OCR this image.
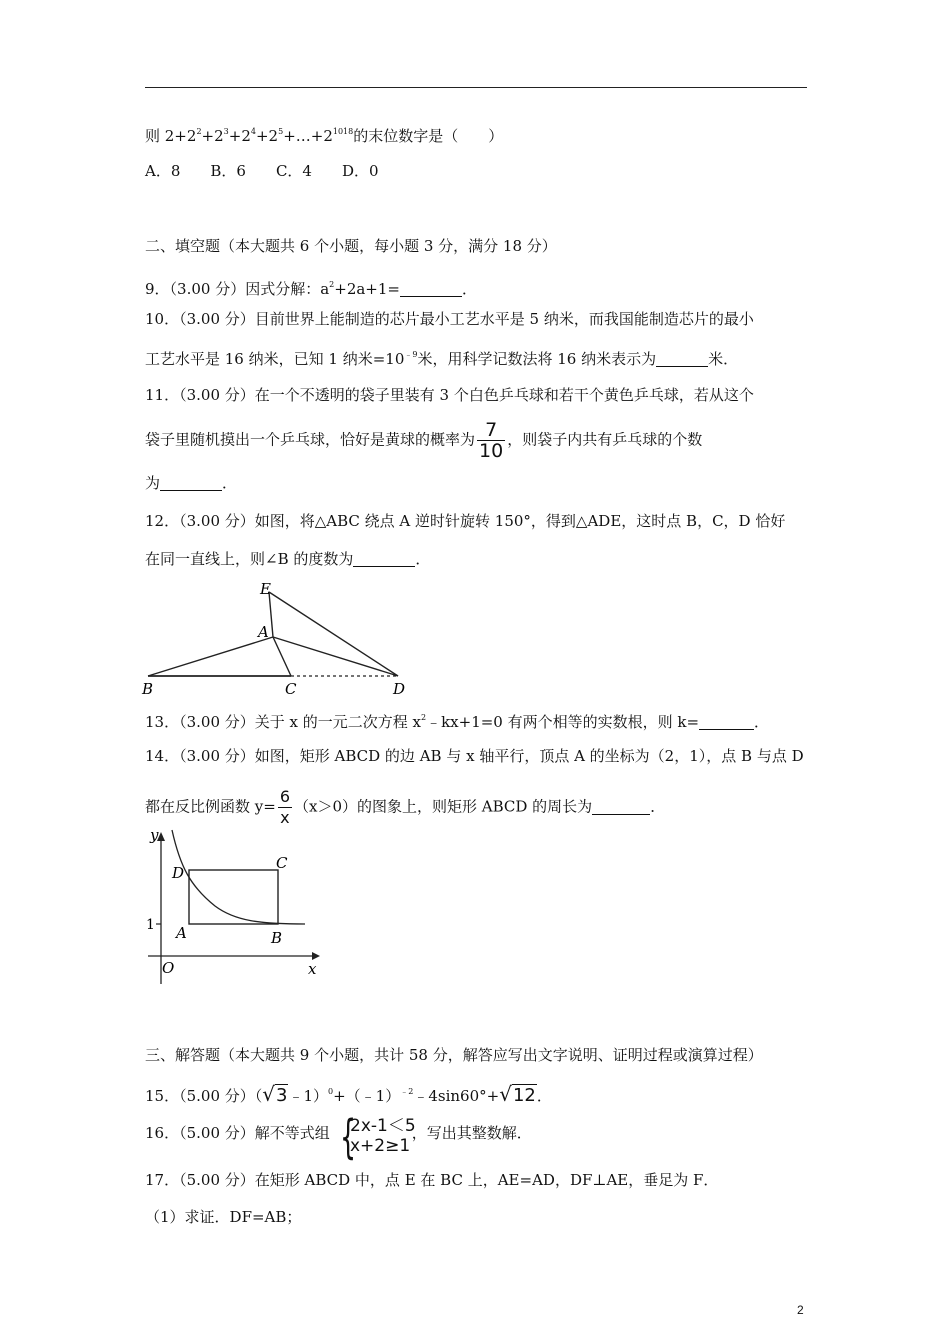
则 $2+2^2+2^3+2^4+2^5+\dots+2^{1018}$的末位数字是（　　）
A．8　　B．6　　C．4　　D．0
二、填空题（本大题共 6 个小题，每小题 3 分，满分 18 分）
9．（3.00 分）因式分解：$a^2+2a+1=$	．
10．（3.00 分）目前世界上能制造的芯片最小工艺水平是 5 纳米，而我国能制造芯片的最小
工艺水平是 16 纳米，已知 1 纳米$=10^{﹣9}$米，用科学记数法将 16 纳米表示为	米．
11．（3.00 分）在一个不透明的袋子里装有 3 个白色乒乓球和若干个黄色乒乓球，若从这个
袋子里随机摸出一个乒乓球，恰好是黄球的概率为 $\frac{7}{10}$ ，则袋子内共有乒乓球的个数
为	．
12．（3.00 分）如图，将△ABC 绕点 A 逆时针旋转 150°，得到△ADE，这时点 B，C，D 恰好
在同一直线上，则∠B 的度数为	．
E
A
B	C	D
13．（3.00 分）关于 x 的一元二次方程 $x^2﹣kx+1=0$ 有两个相等的实数根，则 k=	．
14．（3.00 分）如图，矩形 ABCD 的边 AB 与 x 轴平行，顶点 A 的坐标为（2，1），点 B 与点 D
都在反比例函数 $y= \frac{6}{x} (x>0)$的图象上，则矩形 ABCD 的周长为	．
y
x
O
1 A	B
C
D
三、解答题（本大题共 9 个小题，共计 58 分，解答应写出文字说明、证明过程或演算过程）
15．（5.00 分）（√3﹣1）$^0$+（﹣1）$^{﹣2}$﹣4sin60°+√12．
16．（5.00 分）解不等式组	，写出其整数解．
{
2x-1＜5
x+2≥1
17．（5.00 分）在矩形 ABCD 中，点 E 在 BC 上，AE=AD，DF⊥AE，垂足为 F．
（1）求证．DF=AB；
2
